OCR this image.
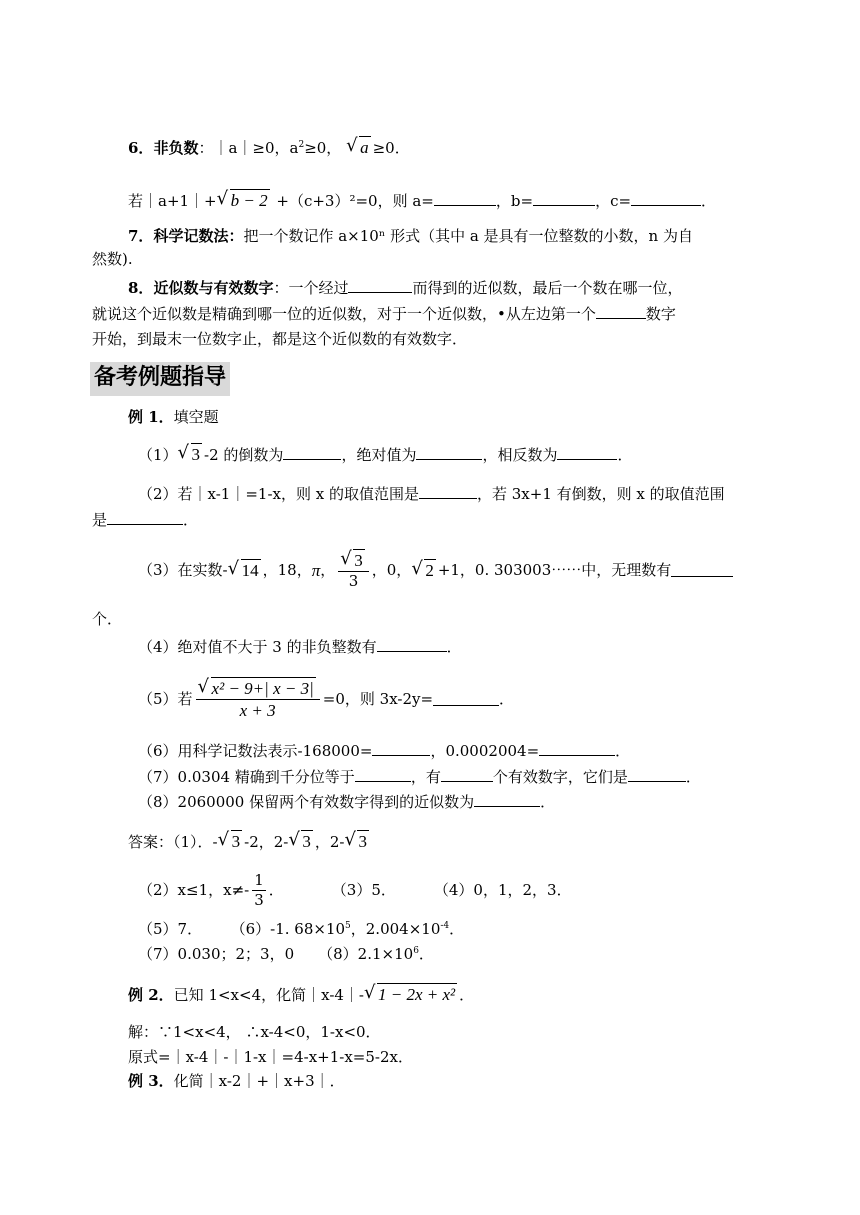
6．非负数：｜a｜≥0，$a^2\ge 0$， √ a ≥0．
若｜a+1｜+ √ b − 2 +（c+3）²=0，则 a=	，b=	，c=	．
7．科学记数法：把一个数记作 a×10ⁿ 形式（其中 a 是具有一位整数的小数，n 为自
然数).
8．近似数与有效数字：一个经过	而得到的近似数，最后一个数在哪一位，
就说这个近似数是精确到哪一位的近似数，对于一个近似数，•从左边第一个	数字
开始，到最末一位数字止，都是这个近似数的有效数字．
备考例题指导
例 1．填空题
（1） √ 3 -2 的倒数为	，绝对值为	，相反数为	．
（2）若｜x-1｜=1-x，则 x 的取值范围是	，若 3x+1 有倒数，则 x 的取值范围
是	．
（3）在实数- √ 14 ，18， π ， √ $\frac{3}{3}$ ，0， √ 2 +1，0. 303003⋯⋯中，无理数有
个．
（4）绝对值不大于 3 的非负整数有	．
（5）若 √ $\frac{\text{x² − 9+| x − 3|}}{x + 3} =0$，则 3x-2y=	．
（6）用科学记数法表示-168000=	，0.0002004=	．
（7）0.0304 精确到千分位等于	，有	个有效数字，它们是	．
（8）2060000 保留两个有效数字得到的近似数为	．
答案：（1）．- √ 3 -2，2- √ 3 ，2- √ 3
（2）x≤1，$x\ne- \frac{1}{3}$ ．	（3）5．	（4）0，1，2，3．
（5）7． （6）-1. $68\times 10^5$，$2.004\times 10^{-4}$．
（7）0.030；2；3，0 $(8)2.1\times 10^6$．
例 2．已知 1<x<4，化简｜x-4｜- √ 1 − 2x + x² ．
解：∵1<x<4， ∴x-4<0，1-x<0．
原式=｜x-4｜-｜1-x｜=4-x+1-x=5-2x．
例 3．化简｜x-2｜+｜x+3｜．
